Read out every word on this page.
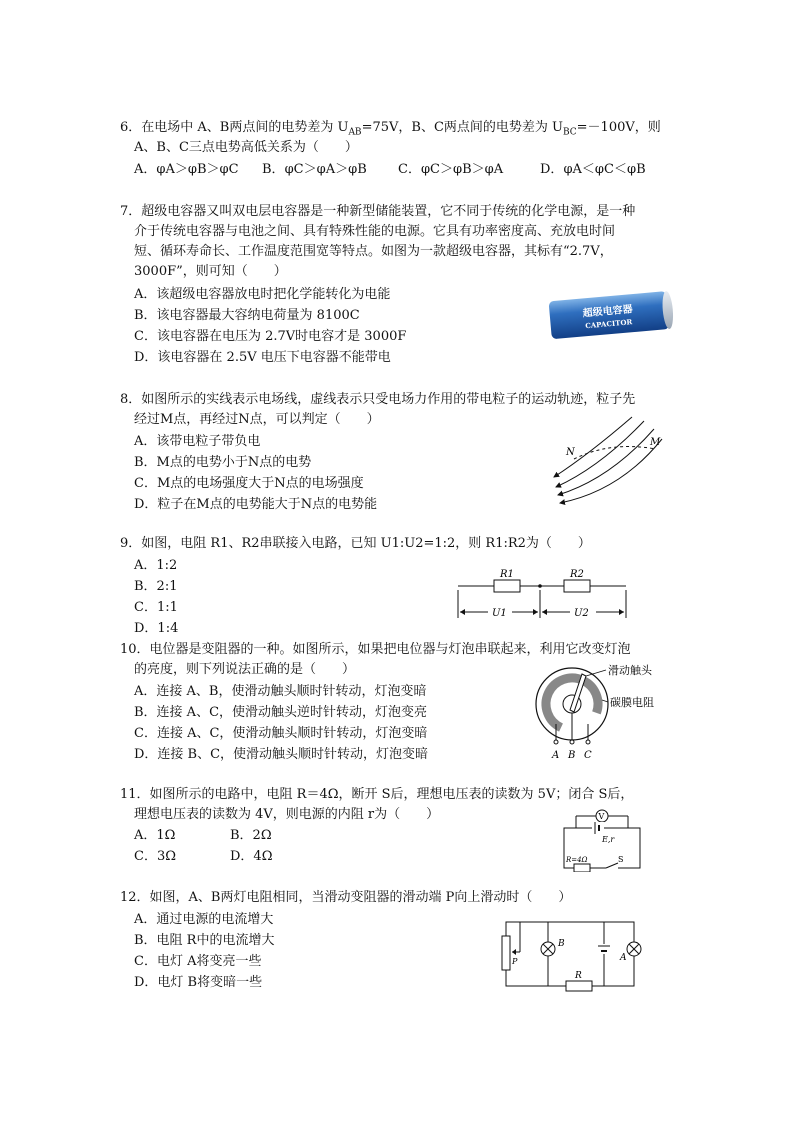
6．在电场中 A、B两点间的电势差为 $U_{AB}=75V$，B、C两点间的电势差为 $U_{BC}=-100V$，则
A、B、C三点电势高低关系为（　　）
A．φA＞φB＞φC B．φC＞φA＞φB C．φC＞φB＞φA	D．φA＜φC＜φB
7．超级电容器又叫双电层电容器是一种新型储能装置，它不同于传统的化学电源，是一种
介于传统电容器与电池之间、具有特殊性能的电源。它具有功率密度高、充放电时间
短、循环寿命长、工作温度范围宽等特点。如图为一款超级电容器，其标有“2.7V，
3000F”，则可知（　　）
A．该超级电容器放电时把化学能转化为电能
B．该电容器最大容纳电荷量为 8100C
C．该电容器在电压为 2.7V时电容才是 3000F
D．该电容器在 2.5V 电压下电容器不能带电
超级电容器
CAPACITOR
8．如图所示的实线表示电场线，虚线表示只受电场力作用的带电粒子的运动轨迹，粒子先
经过M点，再经过N点，可以判定（　　）
A．该带电粒子带负电
B．M点的电势小于N点的电势
C．M点的电场强度大于N点的电场强度
D．粒子在M点的电势能大于N点的电势能
N
M
9．如图，电阻 R1、R2串联接入电路，已知 U1:U2=1:2，则 R1:R2为（　　）
A．1:2
B．2:1
C．1:1
D．1:4
R1	R2
U1	U2
10．电位器是变阻器的一种。如图所示，如果把电位器与灯泡串联起来，利用它改变灯泡
的亮度，则下列说法正确的是（　　）
A．连接 A、B，使滑动触头顺时针转动，灯泡变暗
B．连接 A、C，使滑动触头逆时针转动，灯泡变亮
C．连接 A、C，使滑动触头顺时针转动，灯泡变暗
D．连接 B、C，使滑动触头顺时针转动，灯泡变暗	A B C
滑动触头
碳膜电阻
11．如图所示的电路中，电阻 R＝4Ω，断开 S后，理想电压表的读数为 5V；闭合 S后，
理想电压表的读数为 4V，则电源的内阻 r为（　　）
A．1Ω	B．2Ω
C．3Ω	D．4Ω
V
E,r
R=4Ω	S
12．如图，A、B两灯电阻相同，当滑动变阻器的滑动端 P向上滑动时（　　）
A．通过电源的电流增大
B．电阻 R中的电流增大
C．电灯 A将变亮一些
D．电灯 B将变暗一些
P
B
A
R
